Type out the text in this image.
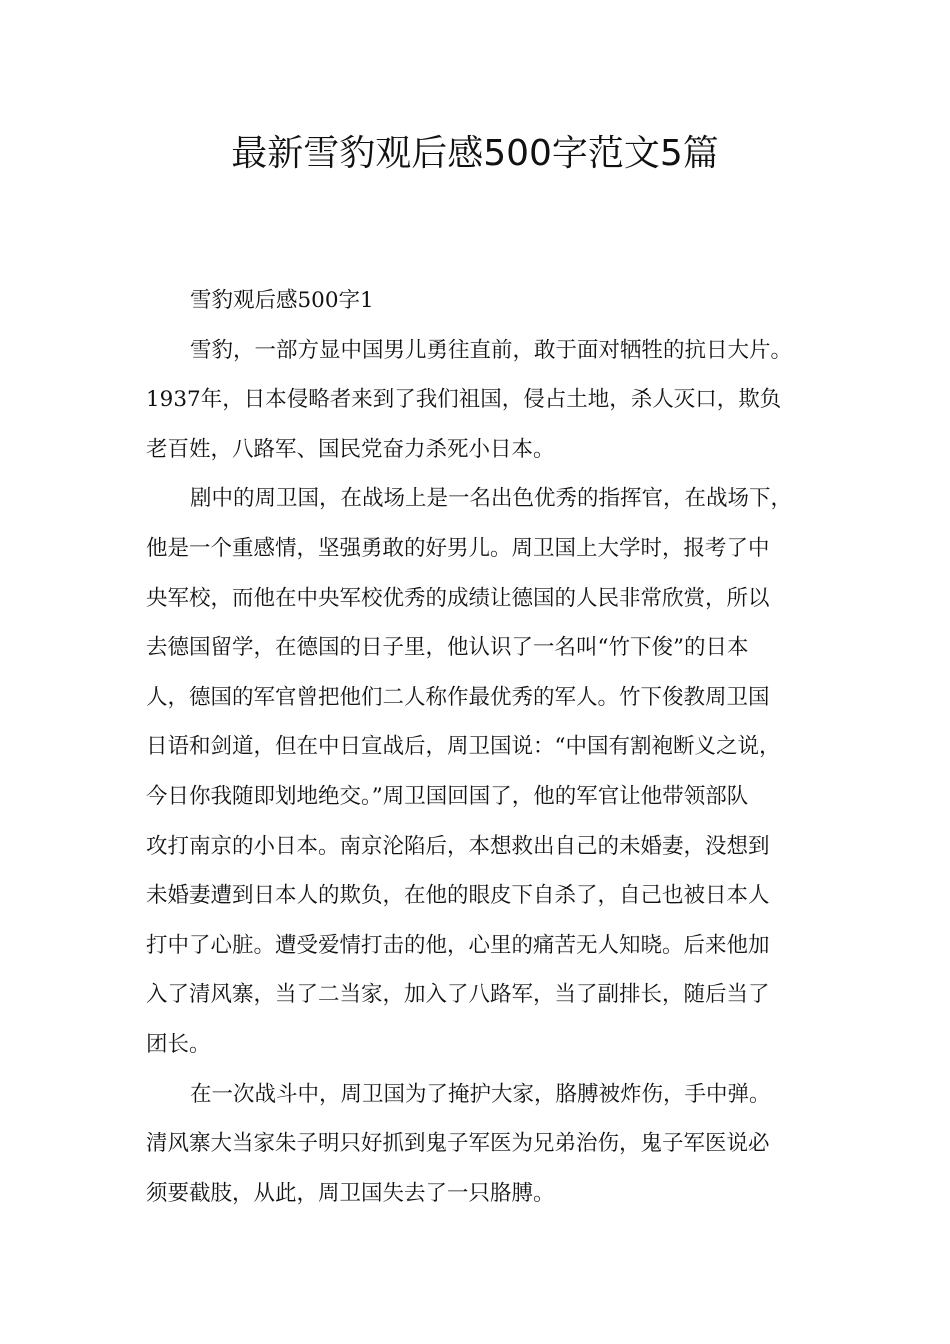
最新雪豹观后感500字范文5篇
雪豹观后感500字1
雪豹，一部方显中国男儿勇往直前，敢于面对牺牲的抗日大片。
1937年，日本侵略者来到了我们祖国，侵占土地，杀人灭口，欺负
老百姓，八路军、国民党奋力杀死小日本。
剧中的周卫国，在战场上是一名出色优秀的指挥官，在战场下，
他是一个重感情，坚强勇敢的好男儿。周卫国上大学时，报考了中
央军校，而他在中央军校优秀的成绩让德国的人民非常欣赏，所以
去德国留学，在德国的日子里，他认识了一名叫“竹下俊”的日本
人，德国的军官曾把他们二人称作最优秀的军人。竹下俊教周卫国
日语和剑道，但在中日宣战后，周卫国说：“中国有割袍断义之说，
今日你我随即划地绝交。”周卫国回国了，他的军官让他带领部队
攻打南京的小日本。南京沦陷后，本想救出自己的未婚妻，没想到
未婚妻遭到日本人的欺负，在他的眼皮下自杀了，自己也被日本人
打中了心脏。遭受爱情打击的他，心里的痛苦无人知晓。后来他加
入了清风寨，当了二当家，加入了八路军，当了副排长，随后当了
团长。
在一次战斗中，周卫国为了掩护大家，胳膊被炸伤，手中弹。
清风寨大当家朱子明只好抓到鬼子军医为兄弟治伤，鬼子军医说必
须要截肢，从此，周卫国失去了一只胳膊。
